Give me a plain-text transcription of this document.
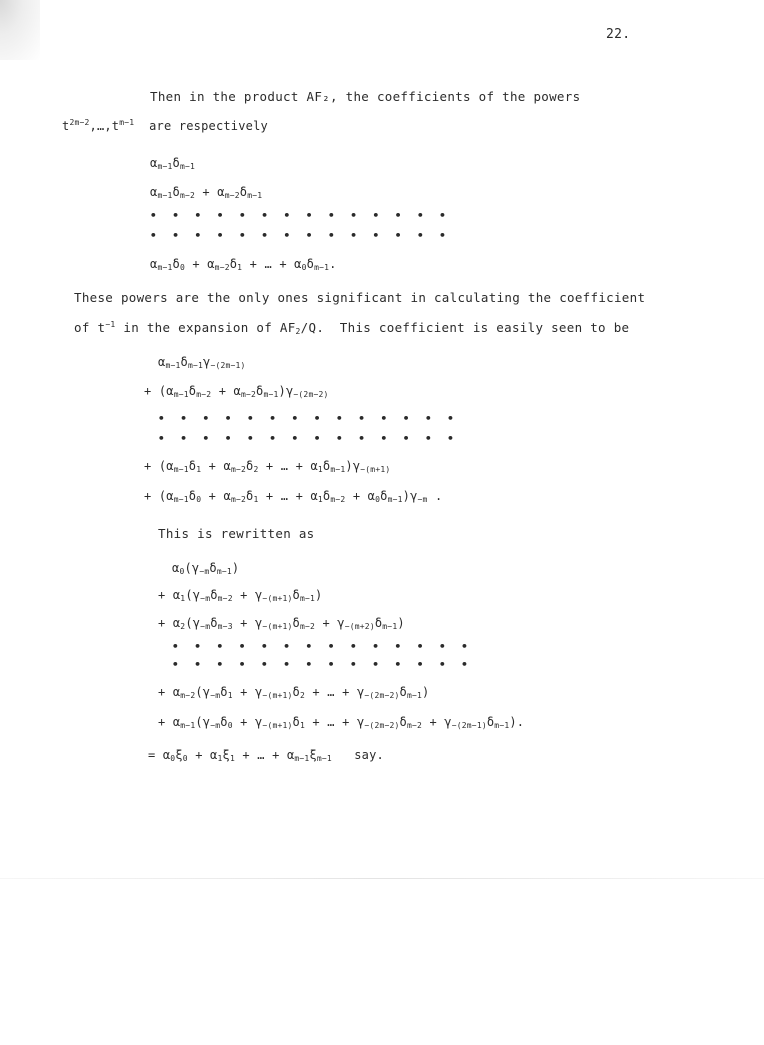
22.
Then in the product AF₂, the coefficients of the powers
$t^{2m-2},\dots,t^{m-1}$  are respectively
$\alpha_{m-1}\delta_{m-1}$
$\alpha_{m-1}\delta_{m-2} + \alpha_{m-2}\delta_{m-1}$
• • • • • • • • • • • • • •
• • • • • • • • • • • • • •
$\alpha_{m-1}\delta_0 + \alpha_{m-2}\delta_1$ + … + $\alpha_0\delta_{m-1}$.
These powers are the only ones significant in calculating the coefficient
of $t^{-1}$ in the expansion of $AF_2/Q$.  This coefficient is easily seen to be
$\alpha_{m-1}\delta_{m-1}\gamma_{-(2m-1)}$
+ $(\alpha_{m-1}\delta_{m-2} + \alpha_{m-2}\delta_{m-1})\gamma_{-(2m-2)}$
• • • • • • • • • • • • • •
• • • • • • • • • • • • • •
+ ($\alpha_{m-1}\delta_1 + \alpha_{m-2}\delta_2$ + … + $\alpha_1\delta_{m-1})\gamma_{-(m+1)}$
+ ($\alpha_{m-1}\delta_0 + \alpha_{m-2}\delta_1$ + … + $\alpha_1\delta_{m-2} + \alpha_0\delta_{m-1})\gamma_{-m}$ .
This is rewritten as
$\alpha_0(\gamma_{-m}\delta_{m-1})$
+ $\alpha_1(\gamma_{-m}\delta_{m-2} + \gamma_{-(m+1)}\delta_{m-1})$
+ $\alpha_2(\gamma_{-m}\delta_{m-3} + \gamma_{-(m+1)}\delta_{m-2} + \gamma_{-(m+2)}\delta_{m-1})$
• • • • • • • • • • • • • •
• • • • • • • • • • • • • •
+ $\alpha_{m-2}(\gamma_{-m}\delta_1 + \gamma_{-(m+1)}\delta_2$ + … + $\gamma_{-(2m-2)}\delta_{m-1}$)
+ $\alpha_{m-1}(\gamma_{-m}\delta_0 + \gamma_{-(m+1)}\delta_1$ + … + $\gamma_{-(2m-2)}\delta_{m-2} + \gamma_{-(2m-1)}\delta_{m-1}$).
= $\alpha_0\xi_0 + \alpha_1\xi_1$ + … + $\alpha_{m-1}\xi_{m-1}$   say.
